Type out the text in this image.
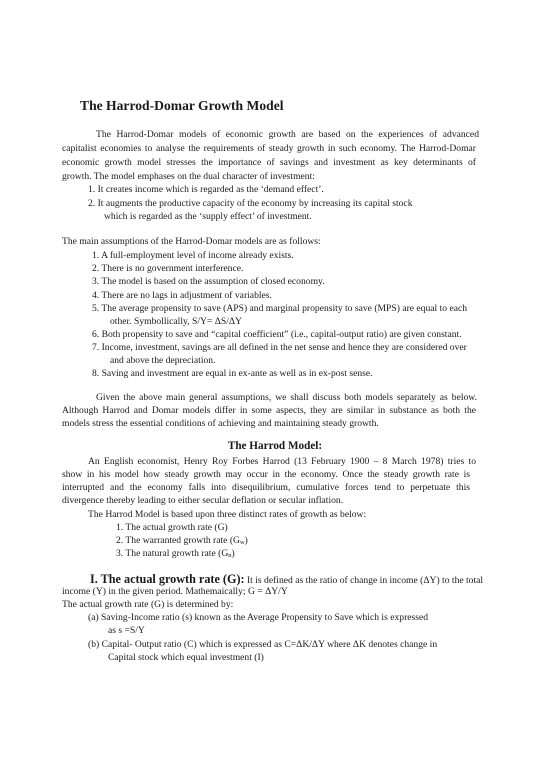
The Harrod-Domar Growth Model
The Harrod-Domar models of economic growth are based on the experiences of advanced
capitalist economies to analyse the requirements of steady growth in such economy. The Harrod-Domar
economic growth model stresses the importance of savings and investment as key determinants of
growth. The model emphases on the dual character of investment:
1. It creates income which is regarded as the ‘demand effect’.
2. It augments the productive capacity of the economy by increasing its capital stock
which is regarded as the ‘supply effect’ of investment.
The main assumptions of the Harrod-Domar models are as follows:
1. A full-employment level of income already exists.
2. There is no government interference.
3. The model is based on the assumption of closed economy.
4. There are no lags in adjustment of variables.
5. The average propensity to save (APS) and marginal propensity to save (MPS) are equal to each
other. Symbollically, S/Y= ΔS/ΔY
6. Both propensity to save and “capital coefficient” (i.e., capital-output ratio) are given constant.
7. Income, investment, savings are all defined in the net sense and hence they are considered over
and above the depreciation.
8. Saving and investment are equal in ex-ante as well as in ex-post sense.
Given the above main general assumptions, we shall discuss both models separately as below.
Although Harrod and Domar models differ in some aspects, they are similar in substance as both the
models stress the essential conditions of achieving and maintaining steady growth.
The Harrod Model:
An English economist, Henry Roy Forbes Harrod (13 February 1900 – 8 March 1978) tries to
show in his model how steady growth may occur in the economy. Once the steady growth rate is
interrupted and the economy falls into disequilibrium, cumulative forces tend to perpetuate this
divergence thereby leading to either secular deflation or secular inflation.
The Harrod Model is based upon three distinct rates of growth as below:
1. The actual growth rate (G)
2. The warranted growth rate $(G_w)$
3. The natural growth rate $(G_n)$
I. The actual growth rate (G): It is defined as the ratio of change in income (ΔY) to the total
income (Y) in the given period. Mathemaically; G = ΔY/Y
The actual growth rate (G) is determined by:
(a) Saving-Income ratio (s) known as the Average Propensity to Save which is expressed
as s =S/Y
(b) Capital- Output ratio (C) which is expressed as C=ΔK/ΔY where ΔK denotes change in
Capital stock which equal investment (I)
